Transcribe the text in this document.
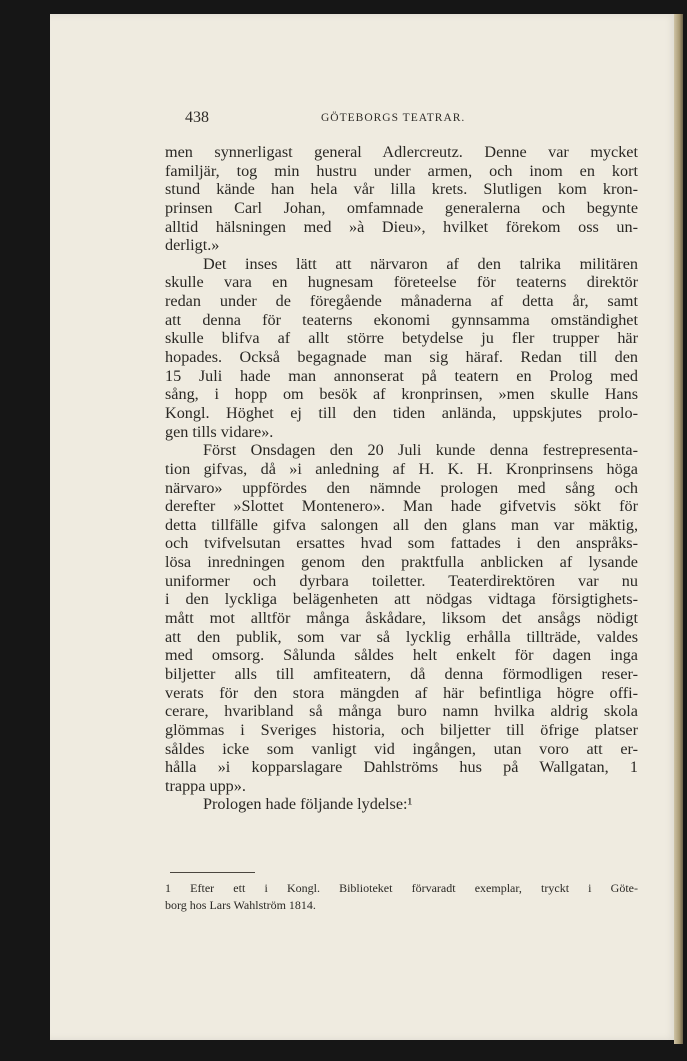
438	GÖTEBORGS TEATRAR.
men synnerligast general Adlercreutz. Denne var mycket
familjär, tog min hustru under armen, och inom en kort
stund kände han hela vår lilla krets. Slutligen kom kron-
prinsen Carl Johan, omfamnade generalerna och begynte
alltid hälsningen med »à Dieu», hvilket förekom oss un-
derligt.»
Det inses lätt att närvaron af den talrika militären
skulle vara en hugnesam företeelse för teaterns direktör
redan under de föregående månaderna af detta år, samt
att denna för teaterns ekonomi gynnsamma omständighet
skulle blifva af allt större betydelse ju fler trupper här
hopades. Också begagnade man sig häraf. Redan till den
15 Juli hade man annonserat på teatern en Prolog med
sång, i hopp om besök af kronprinsen, »men skulle Hans
Kongl. Höghet ej till den tiden anlända, uppskjutes prolo-
gen tills vidare».
Först Onsdagen den 20 Juli kunde denna festrepresenta-
tion gifvas, då »i anledning af H. K. H. Kronprinsens höga
närvaro» uppfördes den nämnde prologen med sång och
derefter »Slottet Montenero». Man hade gifvetvis sökt för
detta tillfälle gifva salongen all den glans man var mäktig,
och tvifvelsutan ersattes hvad som fattades i den anspråks-
lösa inredningen genom den praktfulla anblicken af lysande
uniformer och dyrbara toiletter. Teaterdirektören var nu
i den lyckliga belägenheten att nödgas vidtaga försigtighets-
mått mot alltför många åskådare, liksom det ansågs nödigt
att den publik, som var så lycklig erhålla tillträde, valdes
med omsorg. Sålunda såldes helt enkelt för dagen inga
biljetter alls till amfiteatern, då denna förmodligen reser-
verats för den stora mängden af här befintliga högre offi-
cerare, hvaribland så många buro namn hvilka aldrig skola
glömmas i Sveriges historia, och biljetter till öfrige platser
såldes icke som vanligt vid ingången, utan voro att er-
hålla »i kopparslagare Dahlströms hus på Wallgatan, 1
trappa upp».
Prologen hade följande lydelse:¹
1 Efter ett i Kongl. Biblioteket förvaradt exemplar, tryckt i Göte-
borg hos Lars Wahlström 1814.
